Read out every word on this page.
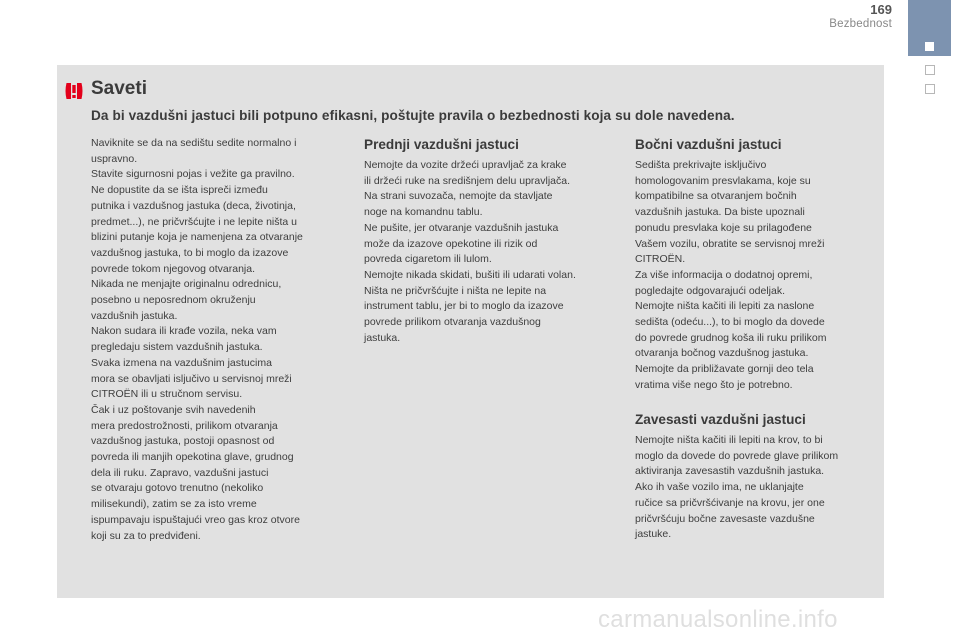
169
Bezbednost
Saveti
Da bi vazdušni jastuci bili potpuno efikasni, poštujte pravila o bezbednosti koja su dole navedena.
Naviknite se da na sedištu sedite normalno i
uspravno.
Stavite sigurnosni pojas i vežite ga pravilno.
Ne dopustite da se išta ispreči između
putnika i vazdušnog jastuka (deca, životinja,
predmet...), ne pričvršćujte i ne lepite ništa u
blizini putanje koja je namenjena za otvaranje
vazdušnog jastuka, to bi moglo da izazove
povrede tokom njegovog otvaranja.
Nikada ne menjajte originalnu odrednicu,
posebno u neposrednom okruženju
vazdušnih jastuka.
Nakon sudara ili krađe vozila, neka vam
pregledaju sistem vazdušnih jastuka.
Svaka izmena na vazdušnim jastucima
mora se obavljati isljučivo u servisnoj mreži
CITROËN ili u stručnom servisu.
Čak i uz poštovanje svih navedenih
mera predostrožnosti, prilikom otvaranja
vazdušnog jastuka, postoji opasnost od
povreda ili manjih opekotina glave, grudnog
dela ili ruku. Zapravo, vazdušni jastuci
se otvaraju gotovo trenutno (nekoliko
milisekundi), zatim se za isto vreme
ispumpavaju ispuštajući vreo gas kroz otvore
koji su za to predviđeni.
Prednji vazdušni jastuci
Nemojte da vozite držeći upravljač za krake
ili držeći ruke na središnjem delu upravljača.
Na strani suvozača, nemojte da stavljate
noge na komandnu tablu.
Ne pušite, jer otvaranje vazdušnih jastuka
može da izazove opekotine ili rizik od
povreda cigaretom ili lulom.
Nemojte nikada skidati, bušiti ili udarati volan.
Ništa ne pričvršćujte i ništa ne lepite na
instrument tablu, jer bi to moglo da izazove
povrede prilikom otvaranja vazdušnog
jastuka.
Bočni vazdušni jastuci
Sedišta prekrivajte isključivo
homologovanim presvlakama, koje su
kompatibilne sa otvaranjem bočnih
vazdušnih jastuka. Da biste upoznali
ponudu presvlaka koje su prilagođene
Vašem vozilu, obratite se servisnoj mreži
CITROËN.
Za više informacija o dodatnoj opremi,
pogledajte odgovarajući odeljak.
Nemojte ništa kačiti ili lepiti za naslone
sedišta (odeću...), to bi moglo da dovede
do povrede grudnog koša ili ruku prilikom
otvaranja bočnog vazdušnog jastuka.
Nemojte da približavate gornji deo tela
vratima više nego što je potrebno.
Zavesasti vazdušni jastuci
Nemojte ništa kačiti ili lepiti na krov, to bi
moglo da dovede do povrede glave prilikom
aktiviranja zavesastih vazdušnih jastuka.
Ako ih vaše vozilo ima, ne uklanjajte
ručice sa pričvršćivanje na krovu, jer one
pričvršćuju bočne zavesaste vazdušne
jastuke.
carmanualsonline.info
